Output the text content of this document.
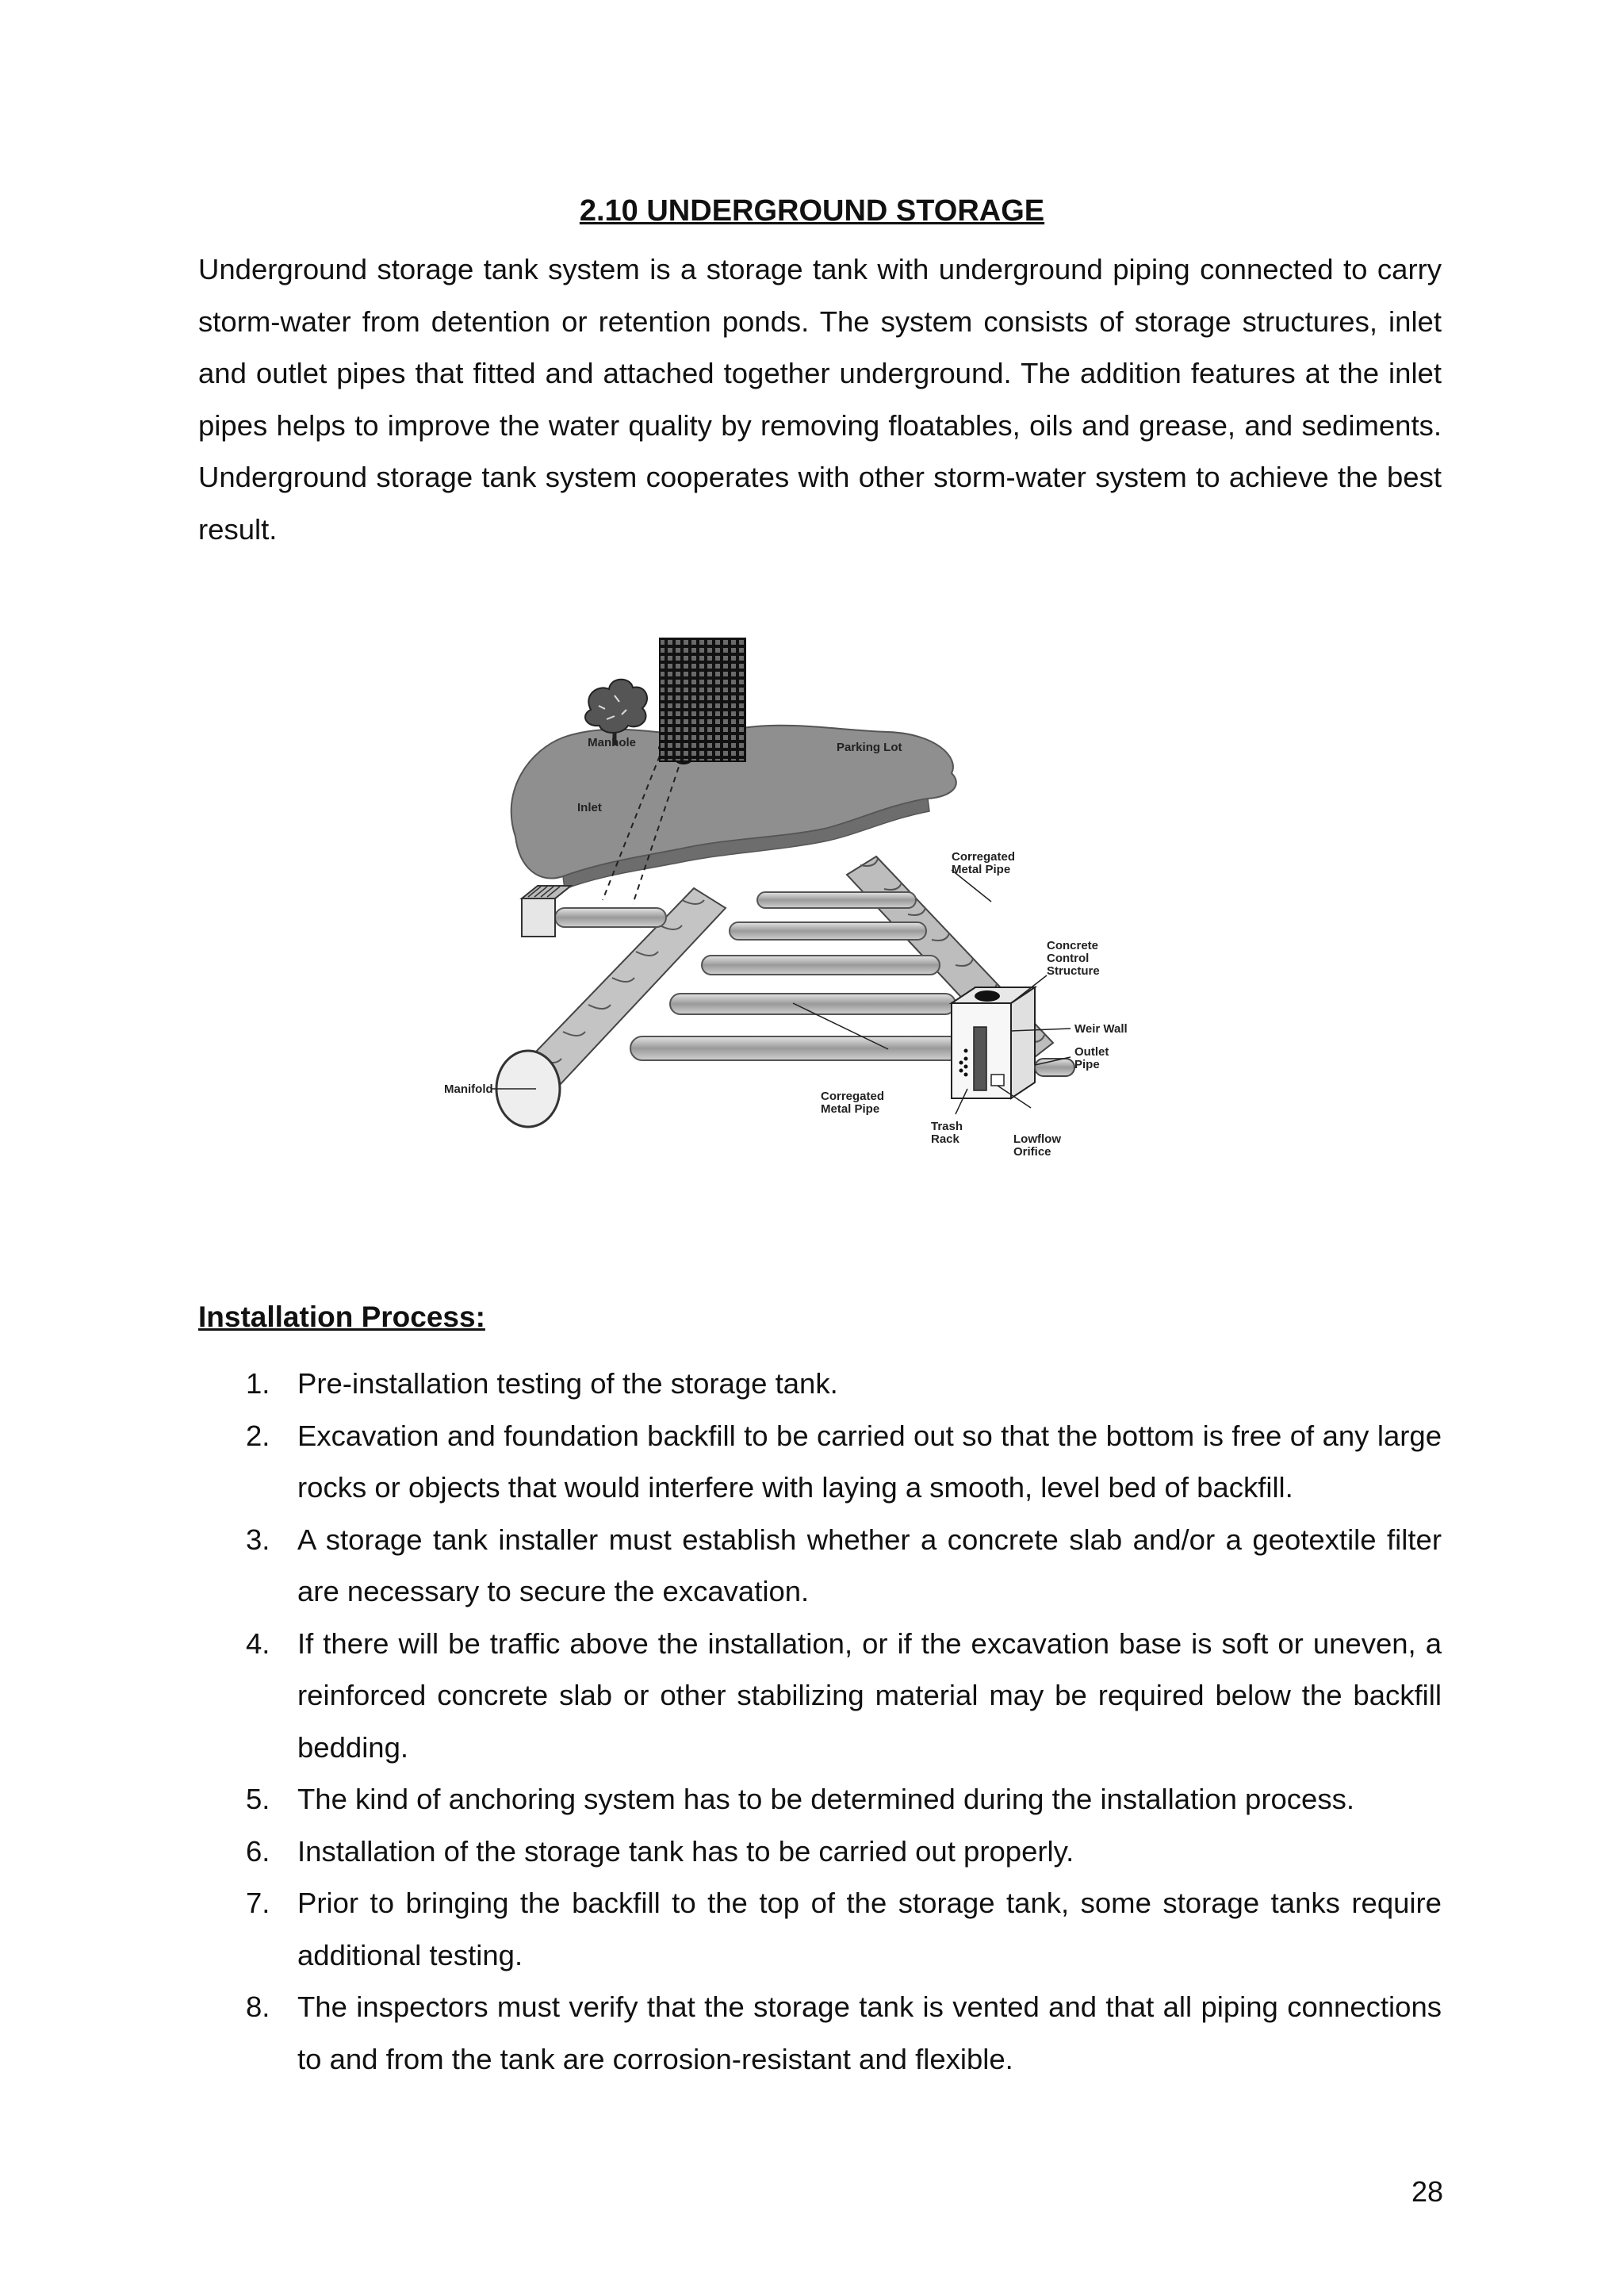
2.10 UNDERGROUND STORAGE

Underground storage tank system is a storage tank with underground piping connected to carry storm-water from detention or retention ponds. The system consists of storage structures, inlet and outlet pipes that fitted and attached together underground. The addition features at the inlet pipes helps to improve the water quality by removing floatables, oils and grease, and sediments. Underground storage tank system cooperates with other storm-water system to achieve the best result.

Manhole	Parking Lot
Inlet
Corregated
Metal Pipe
Concrete
Control
Structure
Weir Wall
Outlet
Pipe
Manifold
Corregated
Metal Pipe
Trash
Rack	Lowflow
Orifice
Installation Process:
1. Pre-installation testing of the storage tank.
2. Excavation and foundation backfill to be carried out so that the bottom is free of any large rocks or objects that would interfere with laying a smooth, level bed of backfill.
3. A storage tank installer must establish whether a concrete slab and/or a geotextile filter are necessary to secure the excavation.
4. If there will be traffic above the installation, or if the excavation base is soft or uneven, a reinforced concrete slab or other stabilizing material may be required below the backfill bedding.
5. The kind of anchoring system has to be determined during the installation process.
6. Installation of the storage tank has to be carried out properly.
7. Prior to bringing the backfill to the top of the storage tank, some storage tanks require additional testing.
8. The inspectors must verify that the storage tank is vented and that all piping connections to and from the tank are corrosion-resistant and flexible.
28
